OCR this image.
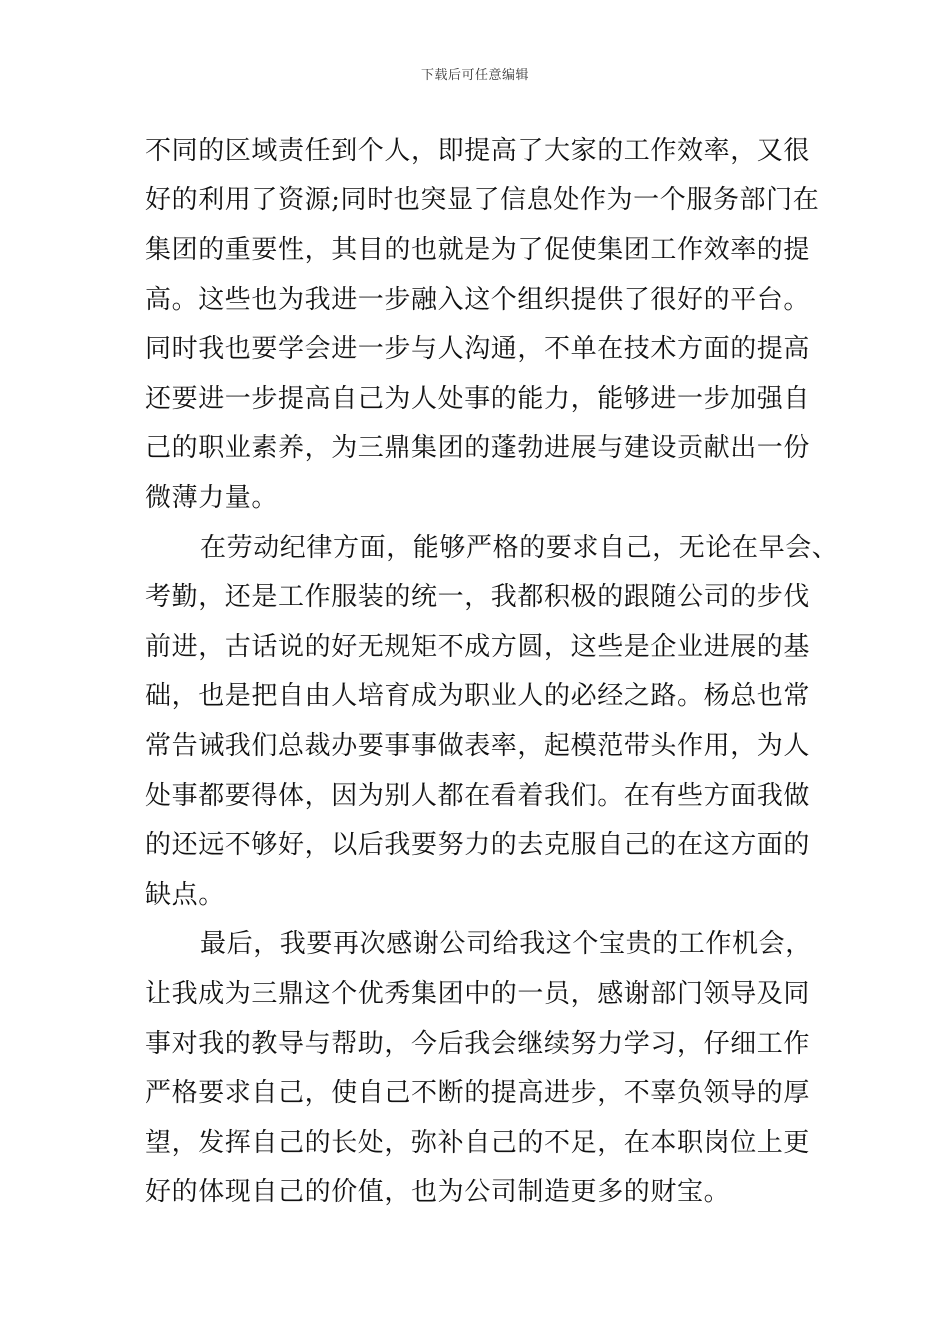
下载后可任意编辑
不同的区域责任到个人，即提高了大家的工作效率，又很
好的利用了资源;同时也突显了信息处作为一个服务部门在
集团的重要性，其目的也就是为了促使集团工作效率的提
高。这些也为我进一步融入这个组织提供了很好的平台。
同时我也要学会进一步与人沟通，不单在技术方面的提高
还要进一步提高自己为人处事的能力，能够进一步加强自
己的职业素养，为三鼎集团的蓬勃进展与建设贡献出一份
微薄力量。
在劳动纪律方面，能够严格的要求自己，无论在早会、
考勤，还是工作服装的统一，我都积极的跟随公司的步伐
前进，古话说的好无规矩不成方圆，这些是企业进展的基
础，也是把自由人培育成为职业人的必经之路。杨总也常
常告诫我们总裁办要事事做表率，起模范带头作用，为人
处事都要得体，因为别人都在看着我们。在有些方面我做
的还远不够好，以后我要努力的去克服自己的在这方面的
缺点。
最后，我要再次感谢公司给我这个宝贵的工作机会，
让我成为三鼎这个优秀集团中的一员，感谢部门领导及同
事对我的教导与帮助，今后我会继续努力学习，仔细工作
严格要求自己，使自己不断的提高进步，不辜负领导的厚
望，发挥自己的长处，弥补自己的不足，在本职岗位上更
好的体现自己的价值，也为公司制造更多的财宝。
